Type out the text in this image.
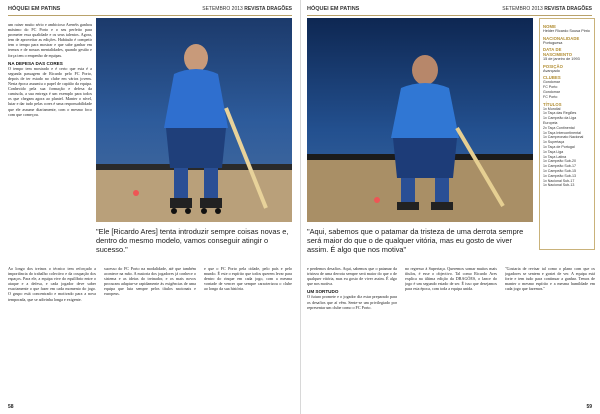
HÓQUEI EM PATINS	SETEMBRO 2013 REVISTA DRAGÕES

um raiser muito sério e ambicioso Arenéis ganhou máximo do FC Porto e o seu perfeito para prometer essa qualidade e os seus talentos. Agora, tem de aproveitar as edições. Habituão é competir tem o tempo para mostrar e que sabe ganhar em termos e de nossas mentalidades, quando gestão e força tem o empenho de equipas.

NA DEFESA DAS CORES

O tempo tem mostrado e é certo que esta é a segunda passagem de Ricardo pelo FC Porto, depois de ter estado no clube em vários jovens. Nesta época assumiu o papel de capitão da equipa. Conhecido pela sua formação e defesa da camisola, a sua entrega é um exemplo para todos os que chegam agora ao plantel. Manter o nível, lutar e dar tudo pelas cores é uma responsabilidade que ele assume diariamente, com o mesmo foco com que começou.

"Ele [Ricardo Ares] tenta introduzir sempre coisas novas e, dentro do mesmo modelo, vamos conseguir atingir o sucesso."

Ao longo dos treinos o técnico tem reforçado a importância do trabalho colectivo e da ocupação dos espaços. Para ele, a equipa vive do equilíbrio entre o ataque e a defesa, e cada jogador deve saber exactamente o que fazer em cada momento do jogo. O grupo está concentrado e motivado para a nova temporada, que se adivinha longa e exigente.

sucesso do FC Porto na modalidade, até que também acontece na mão. A maioria dos jogadores já conhece o sistema e as ideias do treinador, e os mais novos procuram adaptar-se rapidamente às exigências de uma equipa que luta sempre pelos títulos nacionais e europeus.

e que o FC Porto pela cidade, pelo país e pelo mundo. É este o espírito que todos querem levar para dentro do rinque em cada jogo, com a mesma vontade de vencer que sempre caracterizou o clube ao longo da sua história.

58
HÓQUEI EM PATINS	SETEMBRO 2013 REVISTA DRAGÕES

"Aqui, sabemos que o patamar da tristeza de uma derrota sempre será maior do que o de qualquer vitória, mas eu gosto de viver assim. É algo que nos motiva"

e perdemos desafios. Aqui, sabemos que o patamar da tristeza de uma derrota sempre será maior do que o de qualquer vitória, mas eu gosto de viver assim. É algo que nos motiva.

UM SORTUDO

O futuro promete e o jogador diz estar preparado para os desafios que aí vêm. Sente-se um privilegiado por representar um clube como o FC Porto.

no regresso à Supertaça. Queremos somar muitos mais títulos, é esse o objectivo. Tal como Ricardo Ares explica na última edição da DRAGÕES, o lance do jogo é um segundo estado de ser. É isso que desejamos para esta época, com toda a equipa unida.

"Gostaria de revisar tal como o plano com que os jogadores se sentem e gostei de ver. A equipa está forte e tem tudo para continuar a ganhar. Temos de manter o mesmo espírito e a mesma humildade em cada jogo que fazemos."

NOME
Helder Ricardo Sousa Pinto
NACIONALIDADE
Portuguesa
DATA DE NASCIMENTO
15 de janeiro de 1993
POSIÇÃO
Avançado
CLUBES
Gondomar
FC Porto
Gondomar
FC Porto
TÍTULOS
1x Mundial
1x Taça das Regiões
1x Campeão da Liga Europeia
2x Taça Continental
1x Taça Intercontinental
1x Campeonato Nacional
1x Supertaça
1x Taça de Portugal
1x Taça Liga
1x Taça Latina
1x Campeão Sub-20
1x Campeão Sub-17
1x Campeão Sub-15
1x Campeão Sub-13
1x Nacional Sub-17
1x Nacional Sub-13
59
